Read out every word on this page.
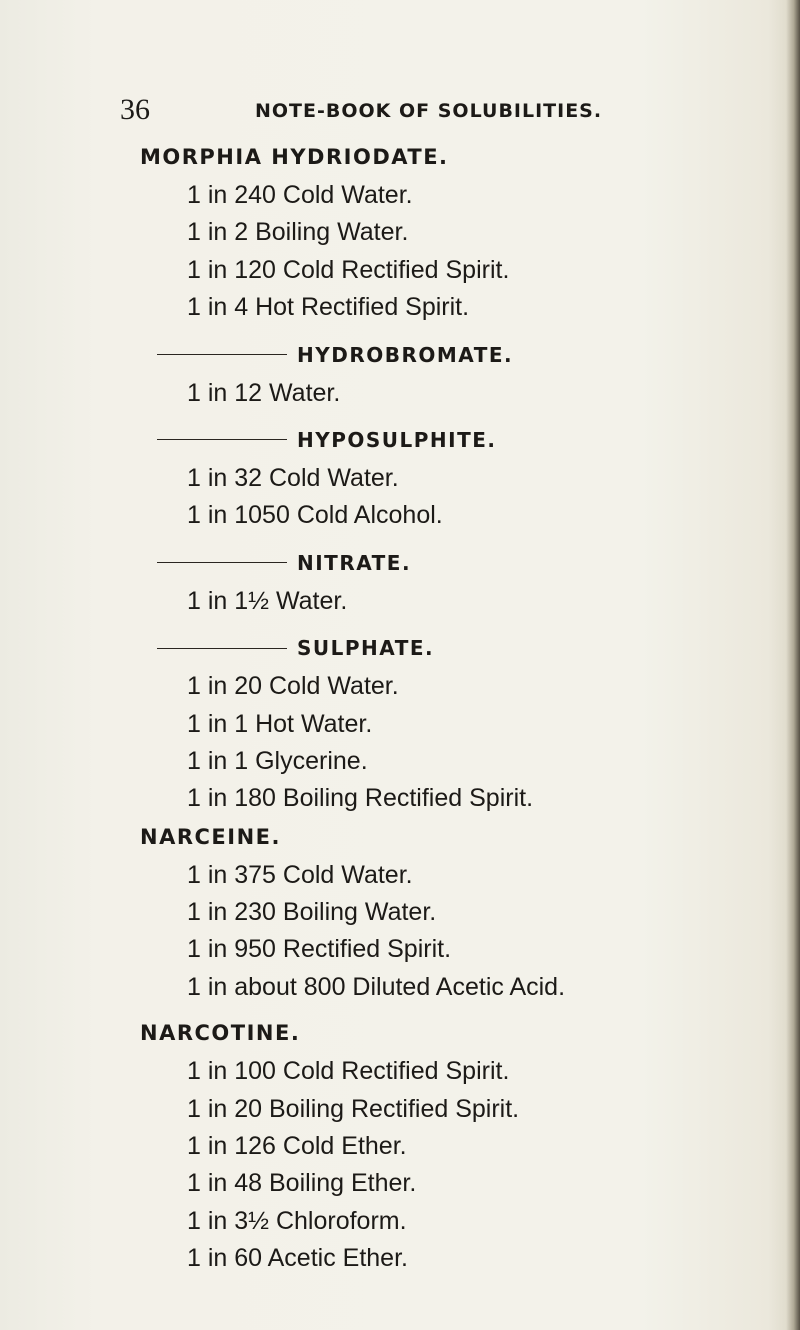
36	NOTE-BOOK OF SOLUBILITIES.
MORPHIA HYDRIODATE.
1 in 240 Cold Water.
1 in 2 Boiling Water.
1 in 120 Cold Rectified Spirit.
1 in 4 Hot Rectified Spirit.
HYDROBROMATE.
1 in 12 Water.
HYPOSULPHITE.
1 in 32 Cold Water.
1 in 1050 Cold Alcohol.
NITRATE.
1 in 1½ Water.
SULPHATE.
1 in 20 Cold Water.
1 in 1 Hot Water.
1 in 1 Glycerine.
1 in 180 Boiling Rectified Spirit.
NARCEINE.
1 in 375 Cold Water.
1 in 230 Boiling Water.
1 in 950 Rectified Spirit.
1 in about 800 Diluted Acetic Acid.
NARCOTINE.
1 in 100 Cold Rectified Spirit.
1 in 20 Boiling Rectified Spirit.
1 in 126 Cold Ether.
1 in 48 Boiling Ether.
1 in 3½ Chloroform.
1 in 60 Acetic Ether.
